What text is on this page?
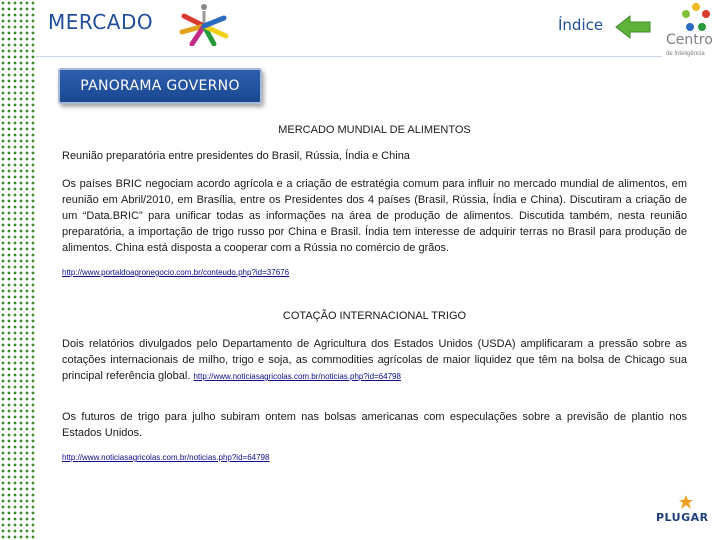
MERCADO	Índice
Centro
de Inteligência
PANORAMA GOVERNO

MERCADO MUNDIAL DE ALIMENTOS

Reunião preparatória entre presidentes do Brasil, Rússia, Índia e China

Os países BRIC negociam acordo agrícola e a criação de estratégia comum para influir no mercado mundial de alimentos, em reunião em Abril/2010, em Brasília, entre os Presidentes dos 4 países (Brasil, Rússia, Índia e China). Discutiram a criação de um “Data.BRIC” para unificar todas as informações na área de produção de alimentos. Discutida também, nesta reunião preparatória, a importação de trigo russo por China e Brasil. Índia tem interesse de adquirir terras no Brasil para produção de alimentos. China está disposta a cooperar com a Rússia no comércio de grãos.

http://www.portaldoagronegocio.com.br/conteudo.php?id=37676

COTAÇÃO INTERNACIONAL TRIGO

Dois relatórios divulgados pelo Departamento de Agricultura dos Estados Unidos (USDA) amplificaram a pressão sobre as cotações internacionais de milho, trigo e soja, as commodities agrícolas de maior liquidez que têm na bolsa de Chicago sua principal referência global. http://www.noticiasagricolas.com.br/noticias.php?id=64798

Os futuros de trigo para julho subiram ontem nas bolsas americanas com especulações sobre a previsão de plantio nos Estados Unidos.

http://www.noticiasagricolas.com.br/noticias.php?id=64798
PLUGAR
